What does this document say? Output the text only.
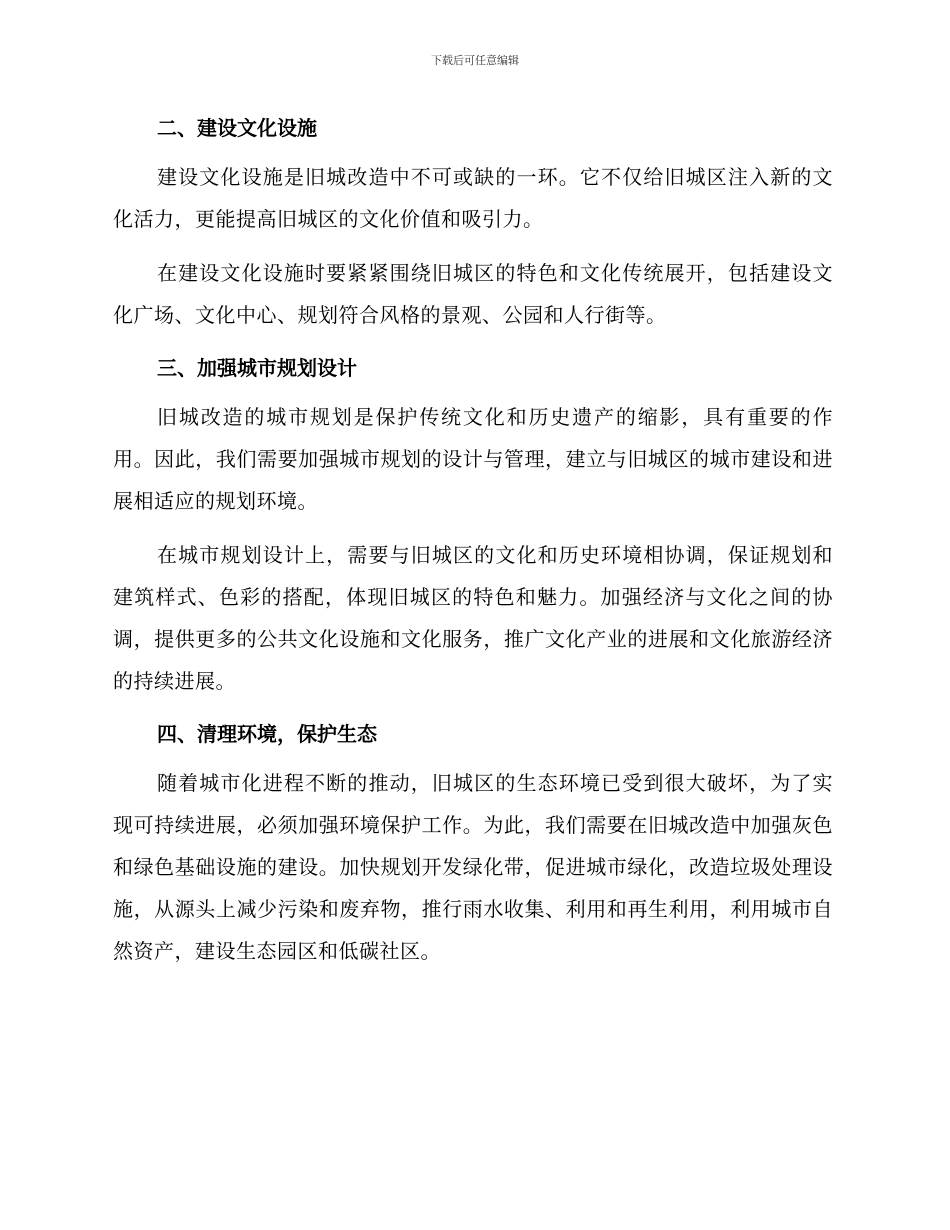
下载后可任意编辑
二、建设文化设施

建设文化设施是旧城改造中不可或缺的一环。它不仅给旧城区注入新的文化活力，更能提高旧城区的文化价值和吸引力。

在建设文化设施时要紧紧围绕旧城区的特色和文化传统展开，包括建设文化广场、文化中心、规划符合风格的景观、公园和人行街等。

三、加强城市规划设计

旧城改造的城市规划是保护传统文化和历史遗产的缩影，具有重要的作用。因此，我们需要加强城市规划的设计与管理，建立与旧城区的城市建设和进展相适应的规划环境。

在城市规划设计上，需要与旧城区的文化和历史环境相协调，保证规划和建筑样式、色彩的搭配，体现旧城区的特色和魅力。加强经济与文化之间的协调，提供更多的公共文化设施和文化服务，推广文化产业的进展和文化旅游经济的持续进展。

四、清理环境，保护生态

随着城市化进程不断的推动，旧城区的生态环境已受到很大破坏，为了实现可持续进展，必须加强环境保护工作。为此，我们需要在旧城改造中加强灰色和绿色基础设施的建设。加快规划开发绿化带，促进城市绿化，改造垃圾处理设施，从源头上减少污染和废弃物，推行雨水收集、利用和再生利用，利用城市自然资产，建设生态园区和低碳社区。
